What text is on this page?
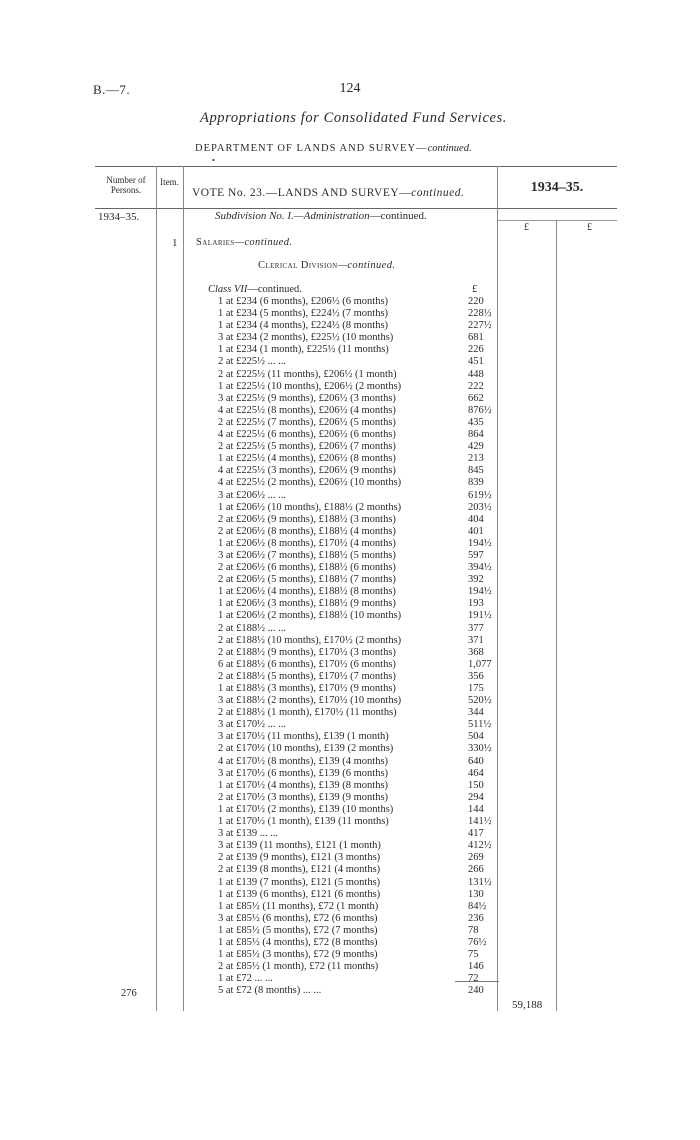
B.—7.	124
Appropriations for Consolidated Fund Services.
DEPARTMENT OF LANDS AND SURVEY—continued.
•
Number of Persons.
Item.
VOTE No. 23.—LANDS AND SURVEY—continued.	1934–35.
1934–35.	Subdivision No. I.—Administration—continued.
£	£
1 Salaries—continued.
Clerical Division—continued.
Class VII—continued.	£
1 at £234 (6 months), £206½ (6 months)	220
1 at £234 (5 months), £224½ (7 months)	228½
1 at £234 (4 months), £224½ (8 months)	227½
3 at £234 (2 months), £225½ (10 months)	681
1 at £234 (1 month), £225½ (11 months)	226
2 at £225½ ... ...	451
2 at £225½ (11 months), £206½ (1 month)	448
1 at £225½ (10 months), £206½ (2 months)	222
3 at £225½ (9 months), £206½ (3 months)	662
4 at £225½ (8 months), £206½ (4 months)	876½
2 at £225½ (7 months), £206½ (5 months)	435
4 at £225½ (6 months), £206½ (6 months)	864
2 at £225½ (5 months), £206½ (7 months)	429
1 at £225½ (4 months), £206½ (8 months)	213
4 at £225½ (3 months), £206½ (9 months)	845
4 at £225½ (2 months), £206½ (10 months)	839
3 at £206½ ... ...	619½
1 at £206½ (10 months), £188½ (2 months)	203½
2 at £206½ (9 months), £188½ (3 months)	404
2 at £206½ (8 months), £188½ (4 months)	401
1 at £206½ (8 months), £170½ (4 months)	194½
3 at £206½ (7 months), £188½ (5 months)	597
2 at £206½ (6 months), £188½ (6 months)	394½
2 at £206½ (5 months), £188½ (7 months)	392
1 at £206½ (4 months), £188½ (8 months)	194½
1 at £206½ (3 months), £188½ (9 months)	193
1 at £206½ (2 months), £188½ (10 months)	191½
2 at £188½ ... ...	377
2 at £188½ (10 months), £170½ (2 months)	371
2 at £188½ (9 months), £170½ (3 months)	368
6 at £188½ (6 months), £170½ (6 months)	1,077
2 at £188½ (5 months), £170½ (7 months)	356
1 at £188½ (3 months), £170½ (9 months)	175
3 at £188½ (2 months), £170½ (10 months)	520½
2 at £188½ (1 month), £170½ (11 months)	344
3 at £170½ ... ...	511½
3 at £170½ (11 months), £139 (1 month)	504
2 at £170½ (10 months), £139 (2 months)	330½
4 at £170½ (8 months), £139 (4 months)	640
3 at £170½ (6 months), £139 (6 months)	464
1 at £170½ (4 months), £139 (8 months)	150
2 at £170½ (3 months), £139 (9 months)	294
1 at £170½ (2 months), £139 (10 months)	144
1 at £170½ (1 month), £139 (11 months)	141½
3 at £139 ... ...	417
3 at £139 (11 months), £121 (1 month)	412½
2 at £139 (9 months), £121 (3 months)	269
2 at £139 (8 months), £121 (4 months)	266
1 at £139 (7 months), £121 (5 months)	131½
1 at £139 (6 months), £121 (6 months)	130
1 at £85½ (11 months), £72 (1 month)	84½
3 at £85½ (6 months), £72 (6 months)	236
1 at £85½ (5 months), £72 (7 months)	78
1 at £85½ (4 months), £72 (8 months)	76½
1 at £85½ (3 months), £72 (9 months)	75
2 at £85½ (1 month), £72 (11 months)	146
1 at £72 ... ...	72
5 at £72 (8 months) ... ...	240
276
59,188
